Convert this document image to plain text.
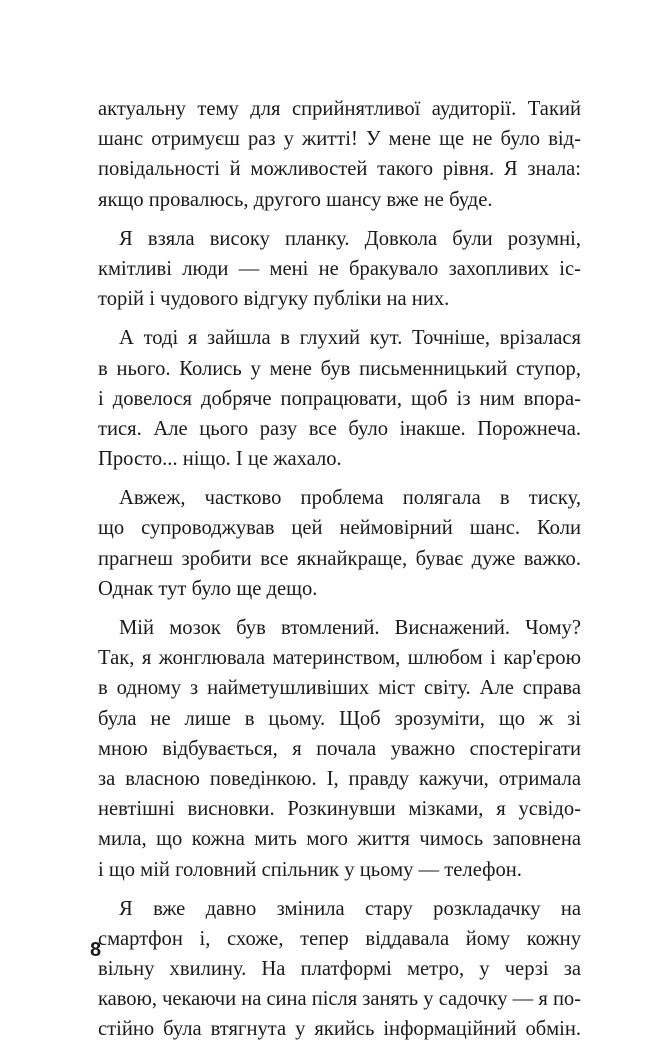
актуальну тему для сприйнятливої аудиторії. Такий
шанс отримуєш раз у житті! У мене ще не було від-
повідальності й можливостей такого рівня. Я знала:
якщо провалюсь, другого шансу вже не буде.
Я взяла високу планку. Довкола були розумні,
кмітливі люди — мені не бракувало захопливих іс-
торій і чудового відгуку публіки на них.
А тоді я зайшла в глухий кут. Точніше, врізалася
в нього. Колись у мене був письменницький ступор,
і довелося добряче попрацювати, щоб із ним впора-
тися. Але цього разу все було інакше. Порожнеча.
Просто... ніщо. І це жахало.
Авжеж, частково проблема полягала в тиску,
що супроводжував цей неймовірний шанс. Коли
прагнеш зробити все якнайкраще, буває дуже важко.
Однак тут було ще дещо.
Мій мозок був втомлений. Виснажений. Чому?
Так, я жонглювала материнством, шлюбом і кар'єрою
в одному з найметушливіших міст світу. Але справа
була не лише в цьому. Щоб зрозуміти, що ж зі
мною відбувається, я почала уважно спостерігати
за власною поведінкою. І, правду кажучи, отримала
невтішні висновки. Розкинувши мізками, я усвідо-
мила, що кожна мить мого життя чимось заповнена
і що мій головний спільник у цьому — телефон.
Я вже давно змінила стару розкладачку на
смартфон і, схоже, тепер віддавала йому кожну
вільну хвилину. На платформі метро, у черзі за
кавою, чекаючи на сина після занять у садочку — я по-
стійно була втягнута у якийсь інформаційний обмін.
8
